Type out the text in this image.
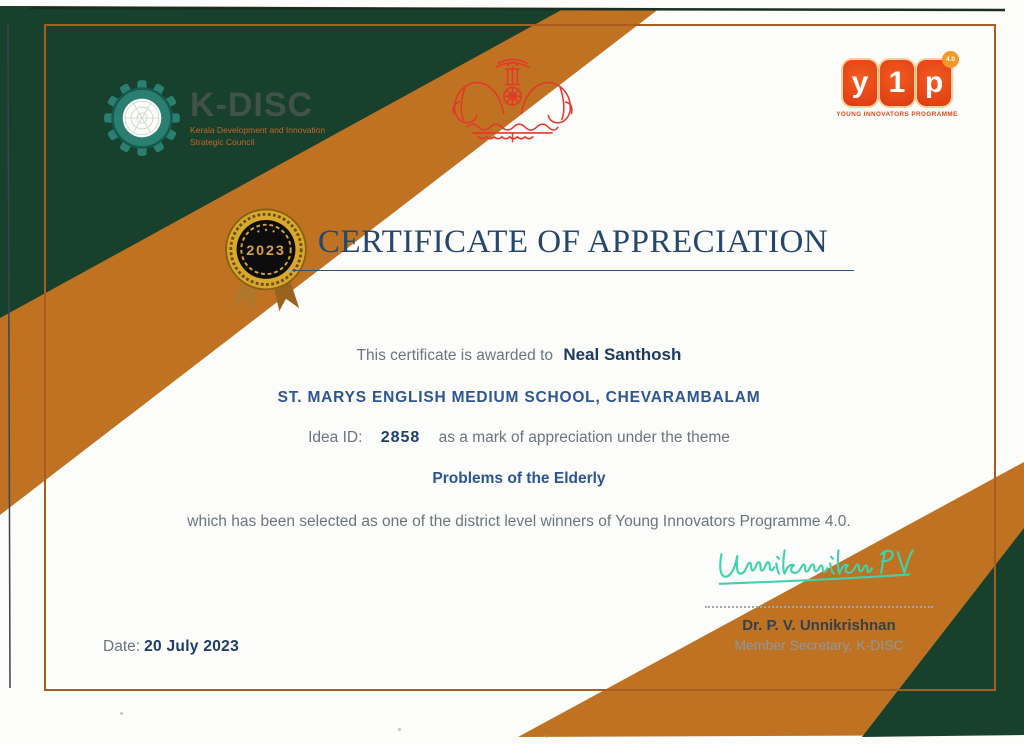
K-DISC
Kerala Development and Innovation
Strategic Council
y 1 p
4.0
YOUNG INNOVATORS PROGRAMME
2023 CERTIFICATE OF APPRECIATION
This certificate is awarded to Neal Santhosh
ST. MARYS ENGLISH MEDIUM SCHOOL, CHEVARAMBALAM
Idea ID: 2858 as a mark of appreciation under the theme
Problems of the Elderly
which has been selected as one of the district level winners of Young Innovators Programme 4.0.
Dr. P. V. Unnikrishnan
Member Secretary, K-DISC
Date: 20 July 2023
